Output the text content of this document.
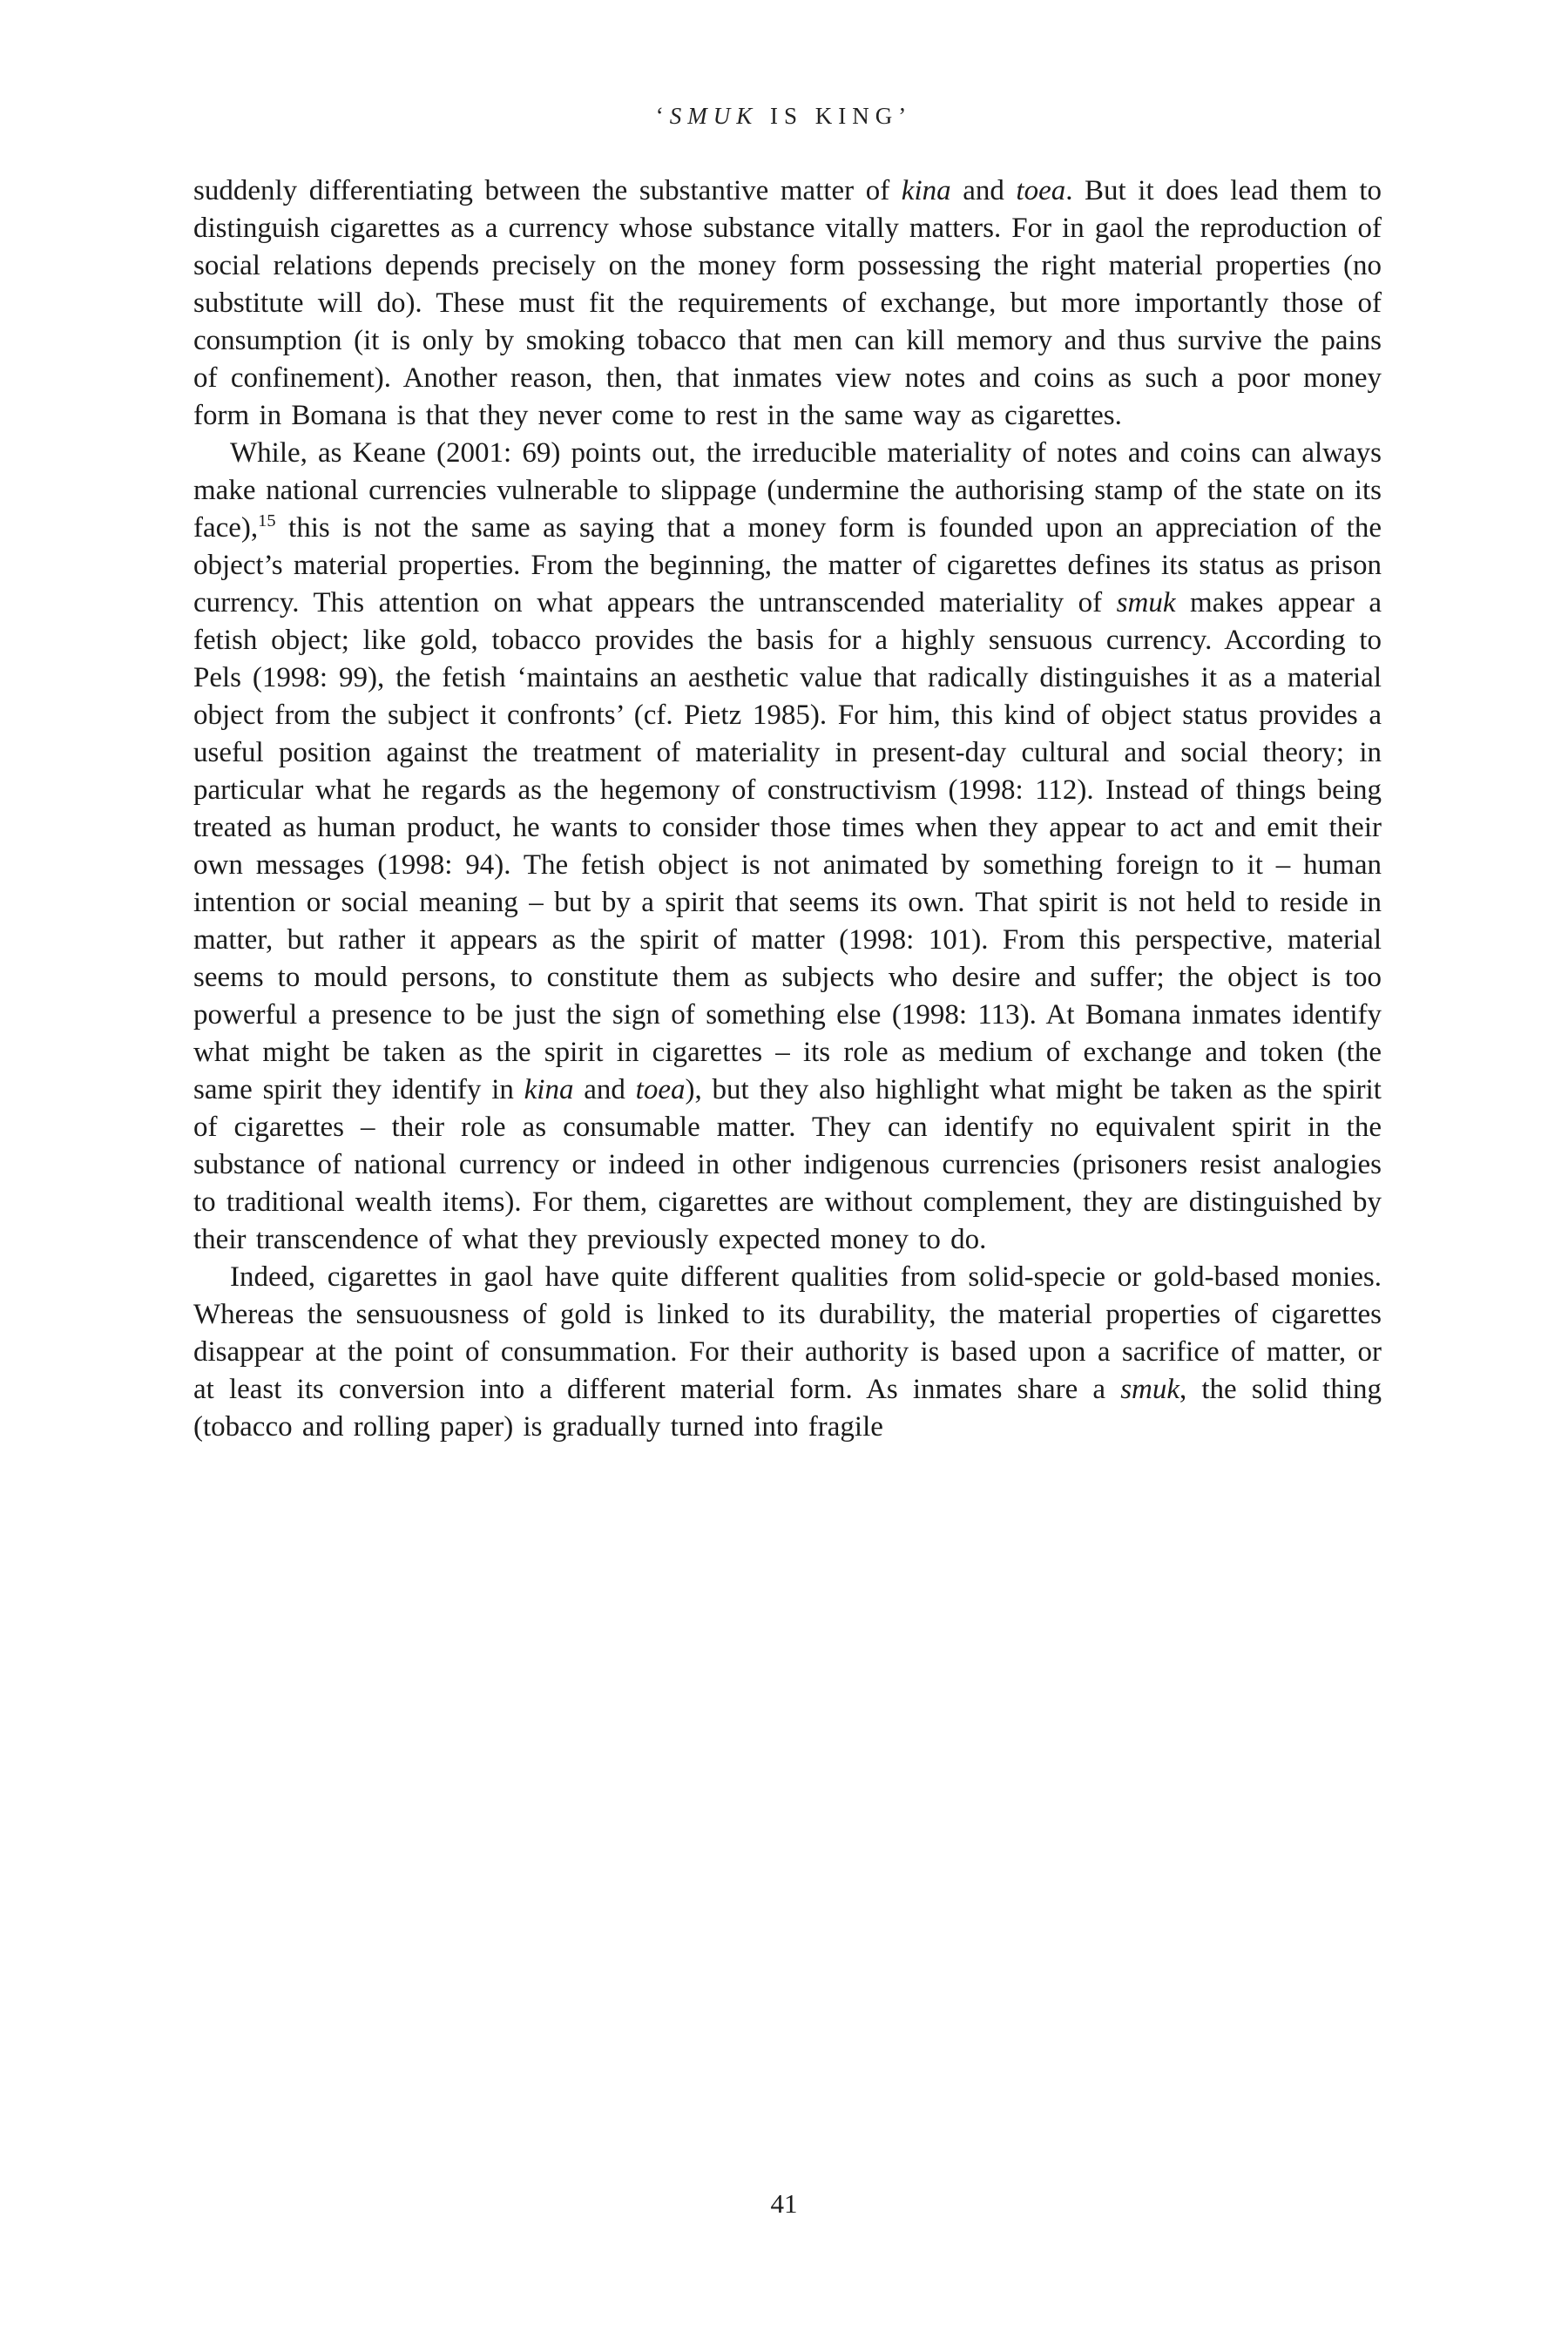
‘SMUK IS KING’

suddenly differentiating between the substantive matter of kina and toea. But it does lead them to distinguish cigarettes as a currency whose substance vitally matters. For in gaol the reproduction of social relations depends precisely on the money form possessing the right material properties (no substitute will do). These must fit the requirements of exchange, but more importantly those of consumption (it is only by smoking tobacco that men can kill memory and thus survive the pains of confinement). Another reason, then, that inmates view notes and coins as such a poor money form in Bomana is that they never come to rest in the same way as cigarettes.

While, as Keane (2001: 69) points out, the irreducible materiality of notes and coins can always make national currencies vulnerable to slippage (undermine the authorising stamp of the state on its face),$^{15}$ this is not the same as saying that a money form is founded upon an appreciation of the object’s material properties. From the beginning, the matter of cigarettes defines its status as prison currency. This attention on what appears the untranscended materiality of smuk makes appear a fetish object; like gold, tobacco provides the basis for a highly sensuous currency. According to Pels (1998: 99), the fetish ‘maintains an aesthetic value that radically distinguishes it as a material object from the subject it confronts’ (cf. Pietz 1985). For him, this kind of object status provides a useful position against the treatment of materiality in present-day cultural and social theory; in particular what he regards as the hegemony of constructivism (1998: 112). Instead of things being treated as human product, he wants to consider those times when they appear to act and emit their own messages (1998: 94). The fetish object is not animated by something foreign to it – human intention or social meaning – but by a spirit that seems its own. That spirit is not held to reside in matter, but rather it appears as the spirit of matter (1998: 101). From this perspective, material seems to mould persons, to constitute them as subjects who desire and suffer; the object is too powerful a presence to be just the sign of something else (1998: 113). At Bomana inmates identify what might be taken as the spirit in cigarettes – its role as medium of exchange and token (the same spirit they identify in kina and toea), but they also highlight what might be taken as the spirit of cigarettes – their role as consumable matter. They can identify no equivalent spirit in the substance of national currency or indeed in other indigenous currencies (prisoners resist analogies to traditional wealth items). For them, cigarettes are without complement, they are distinguished by their transcendence of what they previously expected money to do.

Indeed, cigarettes in gaol have quite different qualities from solid-specie or gold-based monies. Whereas the sensuousness of gold is linked to its durability, the material properties of cigarettes disappear at the point of consummation. For their authority is based upon a sacrifice of matter, or at least its conversion into a different material form. As inmates share a smuk, the solid thing (tobacco and rolling paper) is gradually turned into fragile

41
